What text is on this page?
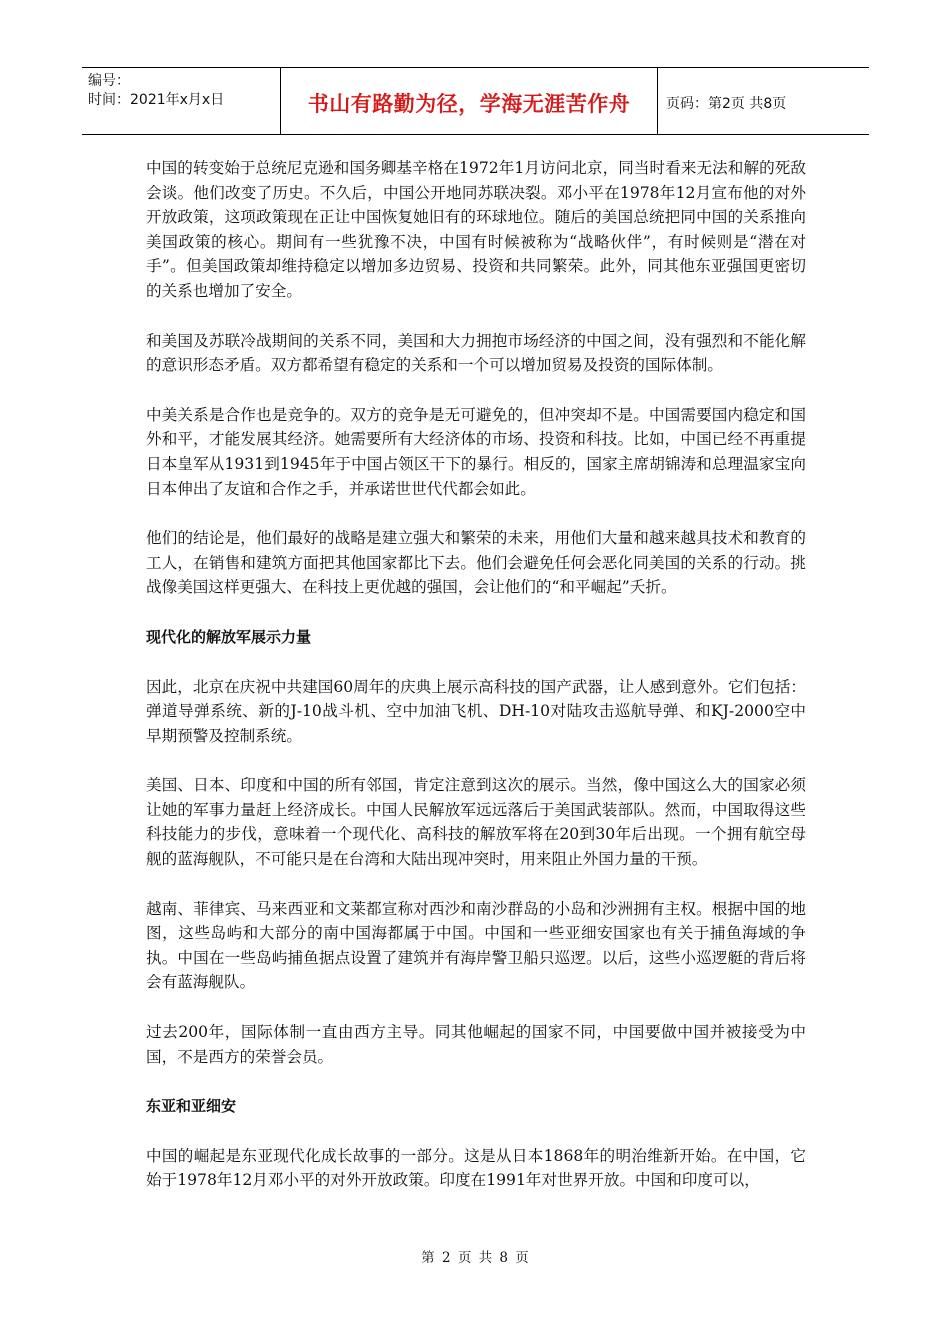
编号：
时间：2021年x月x日	书山有路勤为径，学海无涯苦作舟	页码：第2页 共8页

中国的转变始于总统尼克逊和国务卿基辛格在1972年1月访问北京，同当时看来无法和解的死敌会谈。他们改变了历史。不久后，中国公开地同苏联决裂。邓小平在1978年12月宣布他的对外开放政策，这项政策现在正让中国恢复她旧有的环球地位。随后的美国总统把同中国的关系推向美国政策的核心。期间有一些犹豫不决，中国有时候被称为“战略伙伴”，有时候则是“潜在对手”。但美国政策却维持稳定以增加多边贸易、投资和共同繁荣。此外，同其他东亚强国更密切的关系也增加了安全。

和美国及苏联冷战期间的关系不同，美国和大力拥抱市场经济的中国之间，没有强烈和不能化解的意识形态矛盾。双方都希望有稳定的关系和一个可以增加贸易及投资的国际体制。

中美关系是合作也是竞争的。双方的竞争是无可避免的，但冲突却不是。中国需要国内稳定和国外和平，才能发展其经济。她需要所有大经济体的市场、投资和科技。比如，中国已经不再重提日本皇军从1931到1945年于中国占领区干下的暴行。相反的，国家主席胡锦涛和总理温家宝向日本伸出了友谊和合作之手，并承诺世世代代都会如此。

他们的结论是，他们最好的战略是建立强大和繁荣的未来，用他们大量和越来越具技术和教育的工人，在销售和建筑方面把其他国家都比下去。他们会避免任何会恶化同美国的关系的行动。挑战像美国这样更强大、在科技上更优越的强国，会让他们的“和平崛起”夭折。

现代化的解放军展示力量

因此，北京在庆祝中共建国60周年的庆典上展示高科技的国产武器，让人感到意外。它们包括：弹道导弹系统、新的J-10战斗机、空中加油飞机、DH-10对陆攻击巡航导弹、和KJ-2000空中早期预警及控制系统。

美国、日本、印度和中国的所有邻国，肯定注意到这次的展示。当然，像中国这么大的国家必须让她的军事力量赶上经济成长。中国人民解放军远远落后于美国武装部队。然而，中国取得这些科技能力的步伐，意味着一个现代化、高科技的解放军将在20到30年后出现。一个拥有航空母舰的蓝海舰队，不可能只是在台湾和大陆出现冲突时，用来阻止外国力量的干预。

越南、菲律宾、马来西亚和文莱都宣称对西沙和南沙群岛的小岛和沙洲拥有主权。根据中国的地图，这些岛屿和大部分的南中国海都属于中国。中国和一些亚细安国家也有关于捕鱼海域的争执。中国在一些岛屿捕鱼据点设置了建筑并有海岸警卫船只巡逻。以后，这些小巡逻艇的背后将会有蓝海舰队。

过去200年，国际体制一直由西方主导。同其他崛起的国家不同，中国要做中国并被接受为中国，不是西方的荣誉会员。

东亚和亚细安

中国的崛起是东亚现代化成长故事的一部分。这是从日本1868年的明治维新开始。在中国，它始于1978年12月邓小平的对外开放政策。印度在1991年对世界开放。中国和印度可以，

第 2 页 共 8 页
